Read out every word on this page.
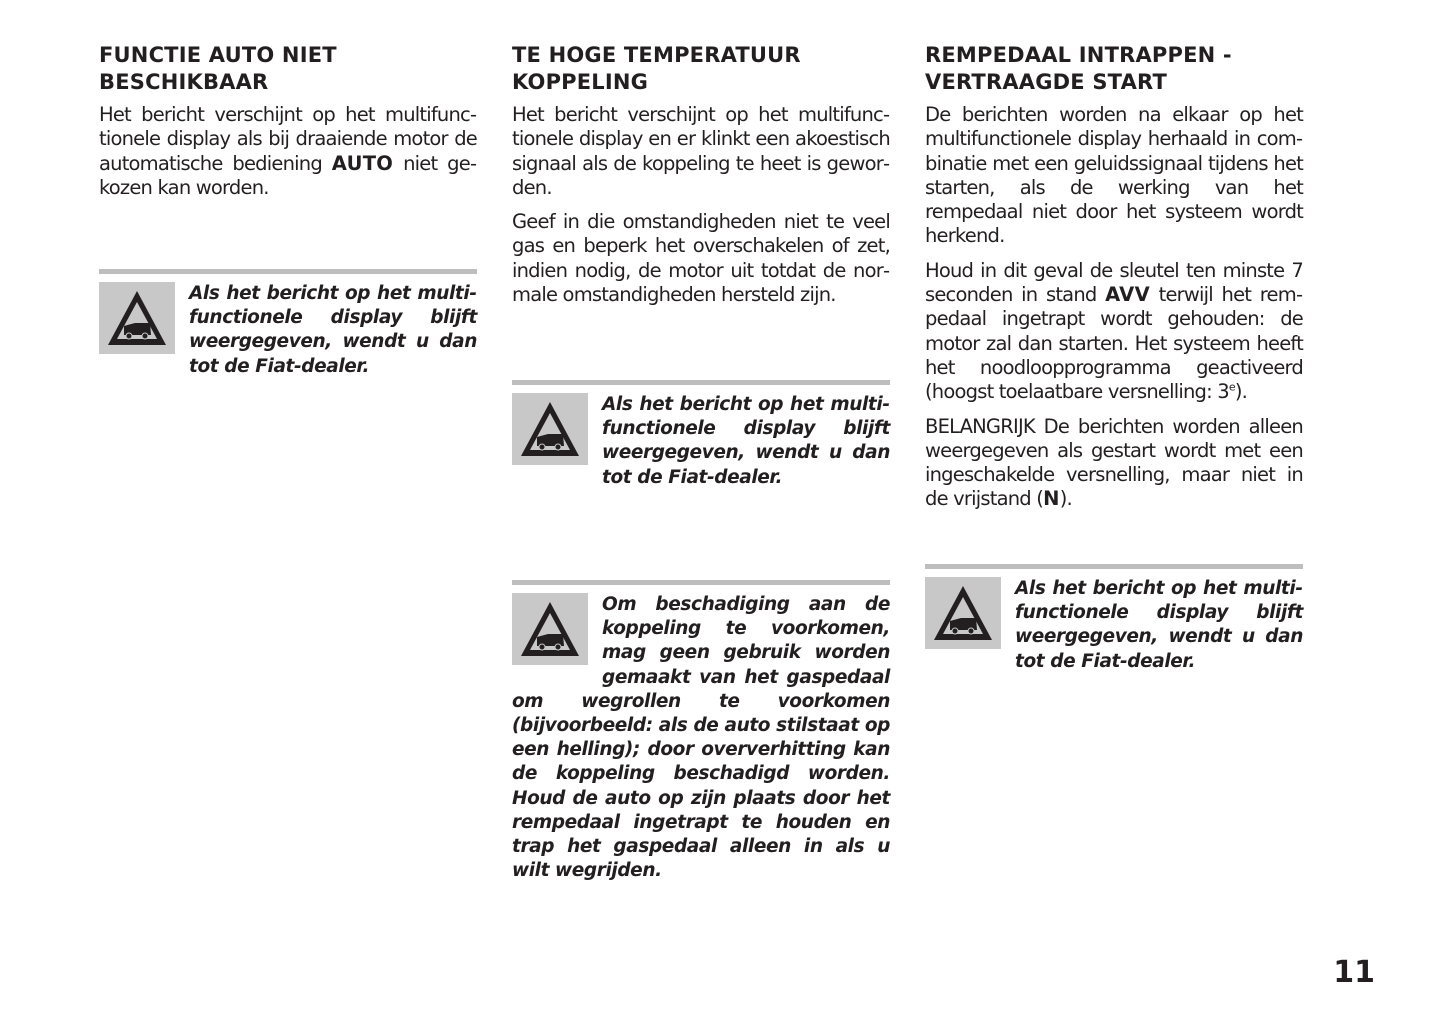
FUNCTIE AUTO NIET BESCHIKBAAR

Het bericht verschijnt op het multifunctionele display als bij draaiende motor de automatische bediening AUTO niet gekozen kan worden.

Als het bericht op het multifunctionele display blijft weergegeven, wendt u dan tot de Fiat-dealer.

TE HOGE TEMPERATUUR KOPPELING

Het bericht verschijnt op het multifunctionele display en er klinkt een akoestisch signaal als de koppeling te heet is geworden.

Geef in die omstandigheden niet te veel gas en beperk het overschakelen of zet, indien nodig, de motor uit totdat de normale omstandigheden hersteld zijn.

Als het bericht op het multifunctionele display blijft weergegeven, wendt u dan tot de Fiat-dealer.

Om beschadiging aan de koppeling te voorkomen, mag geen gebruik worden gemaakt van het gaspedaal om wegrollen te voorkomen (bijvoorbeeld: als de auto stilstaat op een helling); door oververhitting kan de koppeling beschadigd worden. Houd de auto op zijn plaats door het rempedaal ingetrapt te houden en trap het gaspedaal alleen in als u wilt wegrijden.

REMPEDAAL INTRAPPEN - VERTRAAGDE START

De berichten worden na elkaar op het multifunctionele display herhaald in combinatie met een geluidssignaal tijdens het starten, als de werking van het rempedaal niet door het systeem wordt herkend.

Houd in dit geval de sleutel ten minste 7 seconden in stand AVV terwijl het rempedaal ingetrapt wordt gehouden: de motor zal dan starten. Het systeem heeft het noodloopprogramma geactiveerd (hoogst toelaatbare versnelling: 3e).

BELANGRIJK De berichten worden alleen weergegeven als gestart wordt met een ingeschakelde versnelling, maar niet in de vrijstand (N).

Als het bericht op het multifunctionele display blijft weergegeven, wendt u dan tot de Fiat-dealer.

11
